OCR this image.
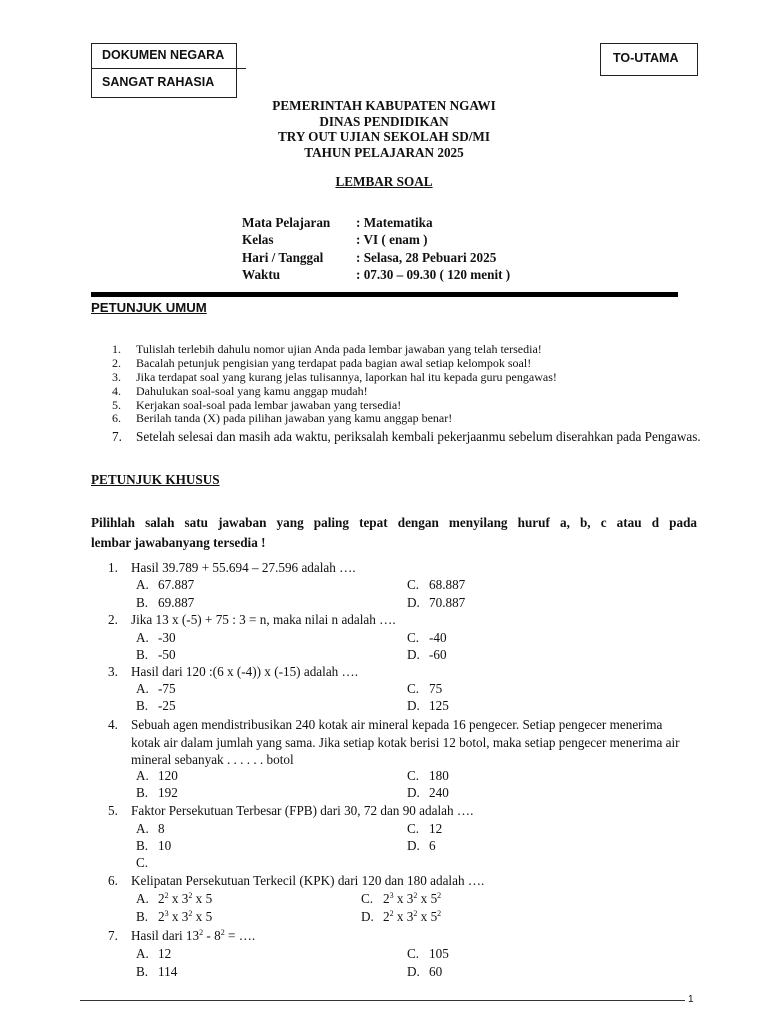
DOKUMEN NEGARA
SANGAT RAHASIA
TO-UTAMA
PEMERINTAH KABUPATEN NGAWI
DINAS PENDIDIKAN
TRY OUT UJIAN SEKOLAH SD/MI
TAHUN PELAJARAN 2025
LEMBAR SOAL
Mata Pelajaran : Matematika
Kelas	: VI ( enam )
Hari / Tanggal : Selasa, 28 Pebuari 2025
Waktu	: 07.30 – 09.30 ( 120 menit )
PETUNJUK UMUM
1. Tulislah terlebih dahulu nomor ujian Anda pada lembar jawaban yang telah tersedia!
2. Bacalah petunjuk pengisian yang terdapat pada bagian awal setiap kelompok soal!
3. Jika terdapat soal yang kurang jelas tulisannya, laporkan hal itu kepada guru pengawas!
4. Dahulukan soal-soal yang kamu anggap mudah!
5. Kerjakan soal-soal pada lembar jawaban yang tersedia!
6. Berilah tanda (X) pada pilihan jawaban yang kamu anggap benar!
7. Setelah selesai dan masih ada waktu, periksalah kembali pekerjaanmu sebelum diserahkan pada Pengawas.
PETUNJUK KHUSUS
Pilihlah salah satu jawaban yang paling tepat dengan menyilang huruf a, b, c atau d pada
lembar jawabanyang tersedia !
1. Hasil 39.789 + 55.694 – 27.596 adalah ….
A. 67.887	C. 68.887
B. 69.887	D. 70.887
2. Jika 13 x (-5) + 75 : 3 = n, maka nilai n adalah ….
A. -30	C. -40
B. -50	D. -60
3. Hasil dari 120 :(6 x (-4)) x (-15) adalah ….
A. -75	C. 75
B. -25	D. 125
4. Sebuah agen mendistribusikan 240 kotak air mineral kepada 16 pengecer. Setiap pengecer menerima kotak air dalam jumlah yang sama. Jika setiap kotak berisi 12 botol, maka setiap pengecer menerima air mineral sebanyak . . . . . . botol
A. 120	C. 180
B. 192	D. 240
5. Faktor Persekutuan Terbesar (FPB) dari 30, 72 dan 90 adalah ….
A. 8	C. 12
B. 10	D. 6
C.
6. Kelipatan Persekutuan Terkecil (KPK) dari 120 dan 180 adalah ….
A. $2^2$ x $3^2$ x 5	C. $2^3$ x $3^2$ x $5^2$
B. $2^3$ x $3^2$ x 5	D. $2^2$ x $3^2$ x $5^2$
7. Hasil dari $13^2 - 8^2$ = ….
A. 12	C. 105
B. 114	D. 60
1
